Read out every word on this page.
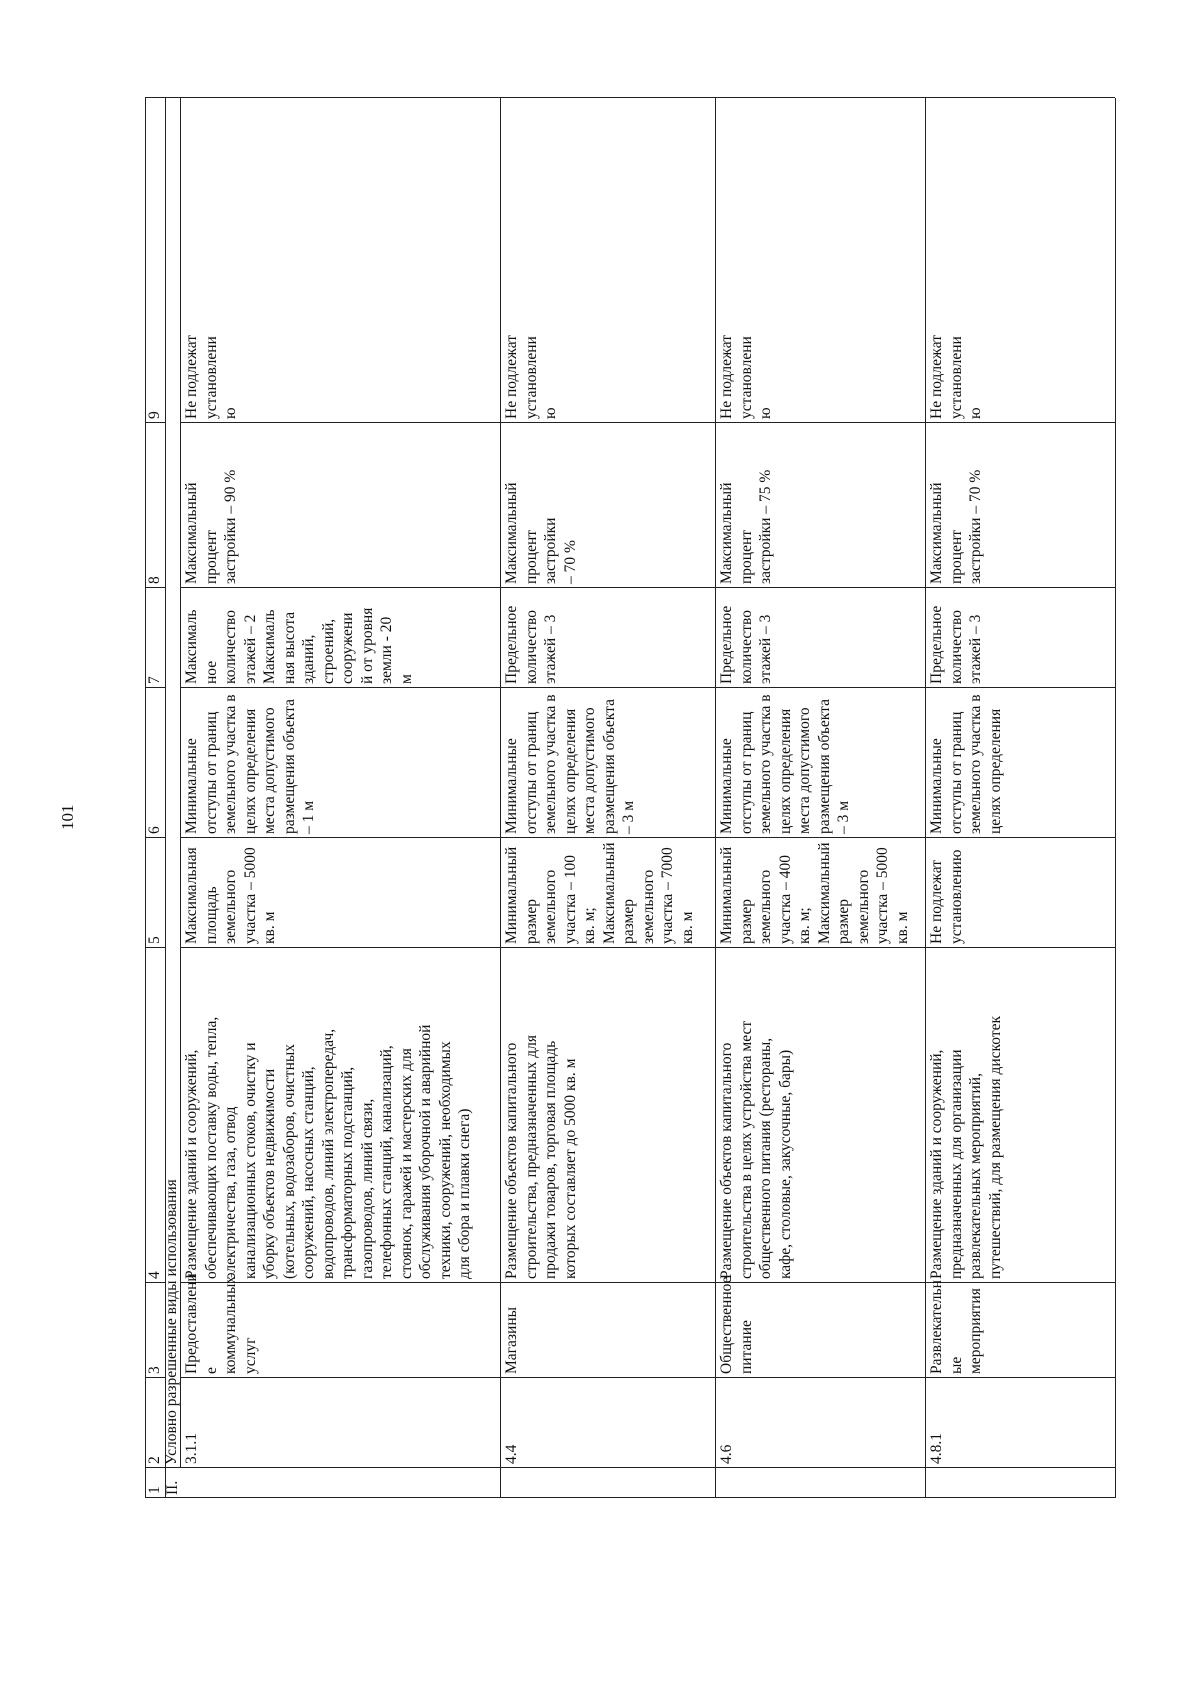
101
1
2
3
4
5
6
7
8
9
II.
Условно разрешенные виды использования 3.1.1
Предоставлени
е
коммунальных
услуг
Размещение зданий и сооружений,
обеспечивающих поставку воды, тепла,
электричества, газа, отвод
канализационных стоков, очистку и
уборку объектов недвижимости
(котельных, водозаборов, очистных
сооружений, насосных станций,
водопроводов, линий электропередач,
трансформаторных подстанций,
газопроводов, линий связи,
телефонных станций, канализаций,
стоянок, гаражей и мастерских для
обслуживания уборочной и аварийной
техники, сооружений, необходимых
для сбора и плавки снега)
Максимальная
площадь
земельного
участка – 5000
кв. м
Минимальные
отступы от границ
земельного участка в
целях определения
места допустимого
размещения объекта
– 1 м
Максималь
ное
количество
этажей – 2
Максималь
ная высота
зданий,
строений,
сооружени
й от уровня
земли - 20
м
Максимальный
процент
застройки – 90 %
Не подлежат
установлени
ю
4.4
Магазины
Размещение объектов капитального
строительства, предназначенных для
продажи товаров, торговая площадь
которых составляет до 5000 кв. м
Минимальный
размер
земельного
участка – 100
кв. м;
Максимальный
размер
земельного
участка – 7000
кв. м
Минимальные
отступы от границ
земельного участка в
целях определения
места допустимого
размещения объекта
– 3 м
Предельное
количество
этажей – 3
Максимальный
процент
застройки
– 70 %
Не подлежат
установлени
ю
4.6
Общественное
питание
Размещение объектов капитального
строительства в целях устройства мест
общественного питания (рестораны,
кафе, столовые, закусочные, бары)
Минимальный
размер
земельного
участка – 400
кв. м;
Максимальный
размер
земельного
участка – 5000
кв. м
Минимальные
отступы от границ
земельного участка в
целях определения
места допустимого
размещения объекта
– 3 м
Предельное
количество
этажей – 3
Максимальный
процент
застройки – 75 %
Не подлежат
установлени
ю
4.8.1
Развлекательн
ые
мероприятия
Размещение зданий и сооружений,
предназначенных для организации
развлекательных мероприятий,
путешествий, для размещения дискотек
Не подлежат
установлению
Минимальные
отступы от границ
земельного участка в
целях определения
Предельное
количество
этажей – 3
Максимальный
процент
застройки – 70 %
Не подлежат
установлени
ю
